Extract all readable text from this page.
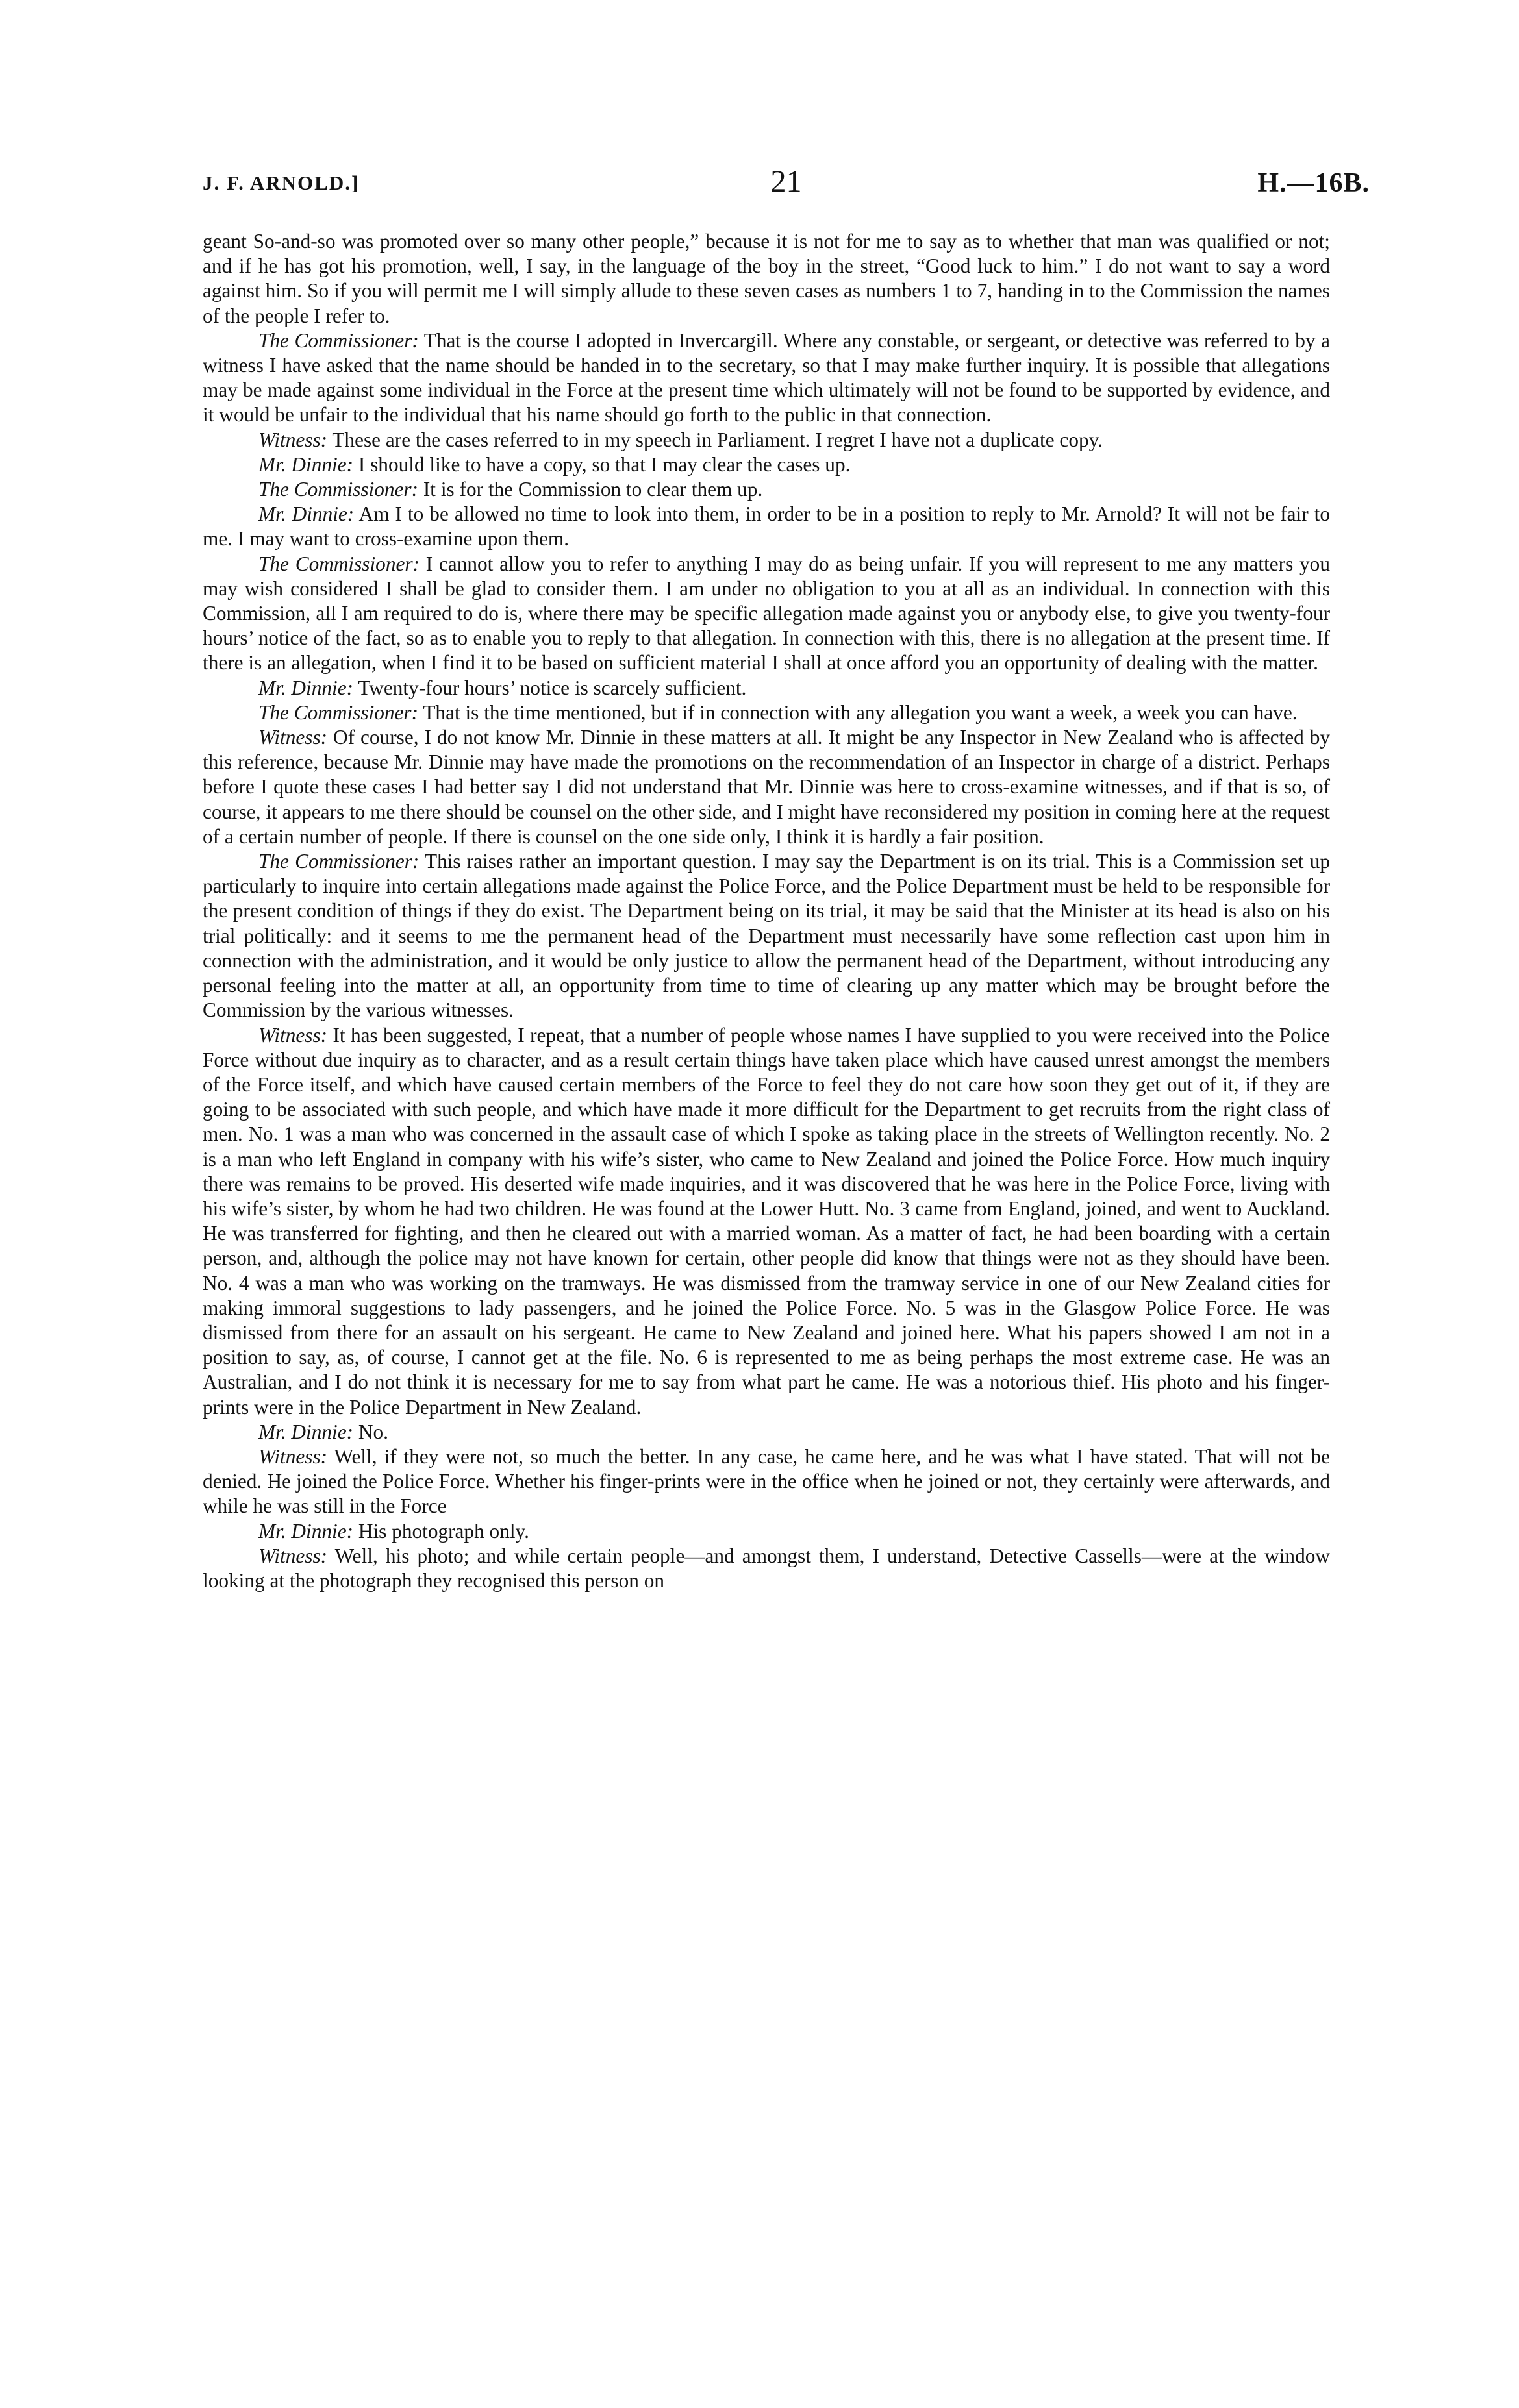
J. F. ARNOLD.]	21	H.—16B.

geant So-and-so was promoted over so many other people,” because it is not for me to say as to whether that man was qualified or not; and if he has got his promotion, well, I say, in the language of the boy in the street, “Good luck to him.” I do not want to say a word against him. So if you will permit me I will simply allude to these seven cases as numbers 1 to 7, handing in to the Commission the names of the people I refer to.

The Commissioner: That is the course I adopted in Invercargill. Where any constable, or sergeant, or detective was referred to by a witness I have asked that the name should be handed in to the secretary, so that I may make further inquiry. It is possible that allegations may be made against some individual in the Force at the present time which ultimately will not be found to be supported by evidence, and it would be unfair to the individual that his name should go forth to the public in that connection.

Witness: These are the cases referred to in my speech in Parliament. I regret I have not a duplicate copy.

Mr. Dinnie: I should like to have a copy, so that I may clear the cases up.

The Commissioner: It is for the Commission to clear them up.

Mr. Dinnie: Am I to be allowed no time to look into them, in order to be in a position to reply to Mr. Arnold? It will not be fair to me. I may want to cross-examine upon them.

The Commissioner: I cannot allow you to refer to anything I may do as being unfair. If you will represent to me any matters you may wish considered I shall be glad to consider them. I am under no obligation to you at all as an individual. In connection with this Commission, all I am required to do is, where there may be specific allegation made against you or anybody else, to give you twenty-four hours’ notice of the fact, so as to enable you to reply to that allegation. In connection with this, there is no allegation at the present time. If there is an allegation, when I find it to be based on sufficient material I shall at once afford you an opportunity of dealing with the matter.

Mr. Dinnie: Twenty-four hours’ notice is scarcely sufficient.

The Commissioner: That is the time mentioned, but if in connection with any allegation you want a week, a week you can have.

Witness: Of course, I do not know Mr. Dinnie in these matters at all. It might be any Inspector in New Zealand who is affected by this reference, because Mr. Dinnie may have made the promotions on the recommendation of an Inspector in charge of a district. Perhaps before I quote these cases I had better say I did not understand that Mr. Dinnie was here to cross-examine witnesses, and if that is so, of course, it appears to me there should be counsel on the other side, and I might have reconsidered my position in coming here at the request of a certain number of people. If there is counsel on the one side only, I think it is hardly a fair position.

The Commissioner: This raises rather an important question. I may say the Department is on its trial. This is a Commission set up particularly to inquire into certain allegations made against the Police Force, and the Police Department must be held to be responsible for the present condition of things if they do exist. The Department being on its trial, it may be said that the Minister at its head is also on his trial politically: and it seems to me the permanent head of the Department must necessarily have some reflection cast upon him in connection with the administration, and it would be only justice to allow the permanent head of the Department, without introducing any personal feeling into the matter at all, an opportunity from time to time of clearing up any matter which may be brought before the Commission by the various witnesses.

Witness: It has been suggested, I repeat, that a number of people whose names I have supplied to you were received into the Police Force without due inquiry as to character, and as a result certain things have taken place which have caused unrest amongst the members of the Force itself, and which have caused certain members of the Force to feel they do not care how soon they get out of it, if they are going to be associated with such people, and which have made it more difficult for the Department to get recruits from the right class of men. No. 1 was a man who was concerned in the assault case of which I spoke as taking place in the streets of Wellington recently. No. 2 is a man who left England in company with his wife’s sister, who came to New Zealand and joined the Police Force. How much inquiry there was remains to be proved. His deserted wife made inquiries, and it was discovered that he was here in the Police Force, living with his wife’s sister, by whom he had two children. He was found at the Lower Hutt. No. 3 came from England, joined, and went to Auckland. He was transferred for fighting, and then he cleared out with a married woman. As a matter of fact, he had been boarding with a certain person, and, although the police may not have known for certain, other people did know that things were not as they should have been. No. 4 was a man who was working on the tramways. He was dismissed from the tramway service in one of our New Zealand cities for making immoral suggestions to lady passengers, and he joined the Police Force. No. 5 was in the Glasgow Police Force. He was dismissed from there for an assault on his sergeant. He came to New Zealand and joined here. What his papers showed I am not in a position to say, as, of course, I cannot get at the file. No. 6 is represented to me as being perhaps the most extreme case. He was an Australian, and I do not think it is necessary for me to say from what part he came. He was a notorious thief. His photo and his finger-prints were in the Police Department in New Zealand.

Mr. Dinnie: No.

Witness: Well, if they were not, so much the better. In any case, he came here, and he was what I have stated. That will not be denied. He joined the Police Force. Whether his finger-prints were in the office when he joined or not, they certainly were afterwards, and while he was still in the Force

Mr. Dinnie: His photograph only.

Witness: Well, his photo; and while certain people—and amongst them, I understand, Detective Cassells—were at the window looking at the photograph they recognised this person on
